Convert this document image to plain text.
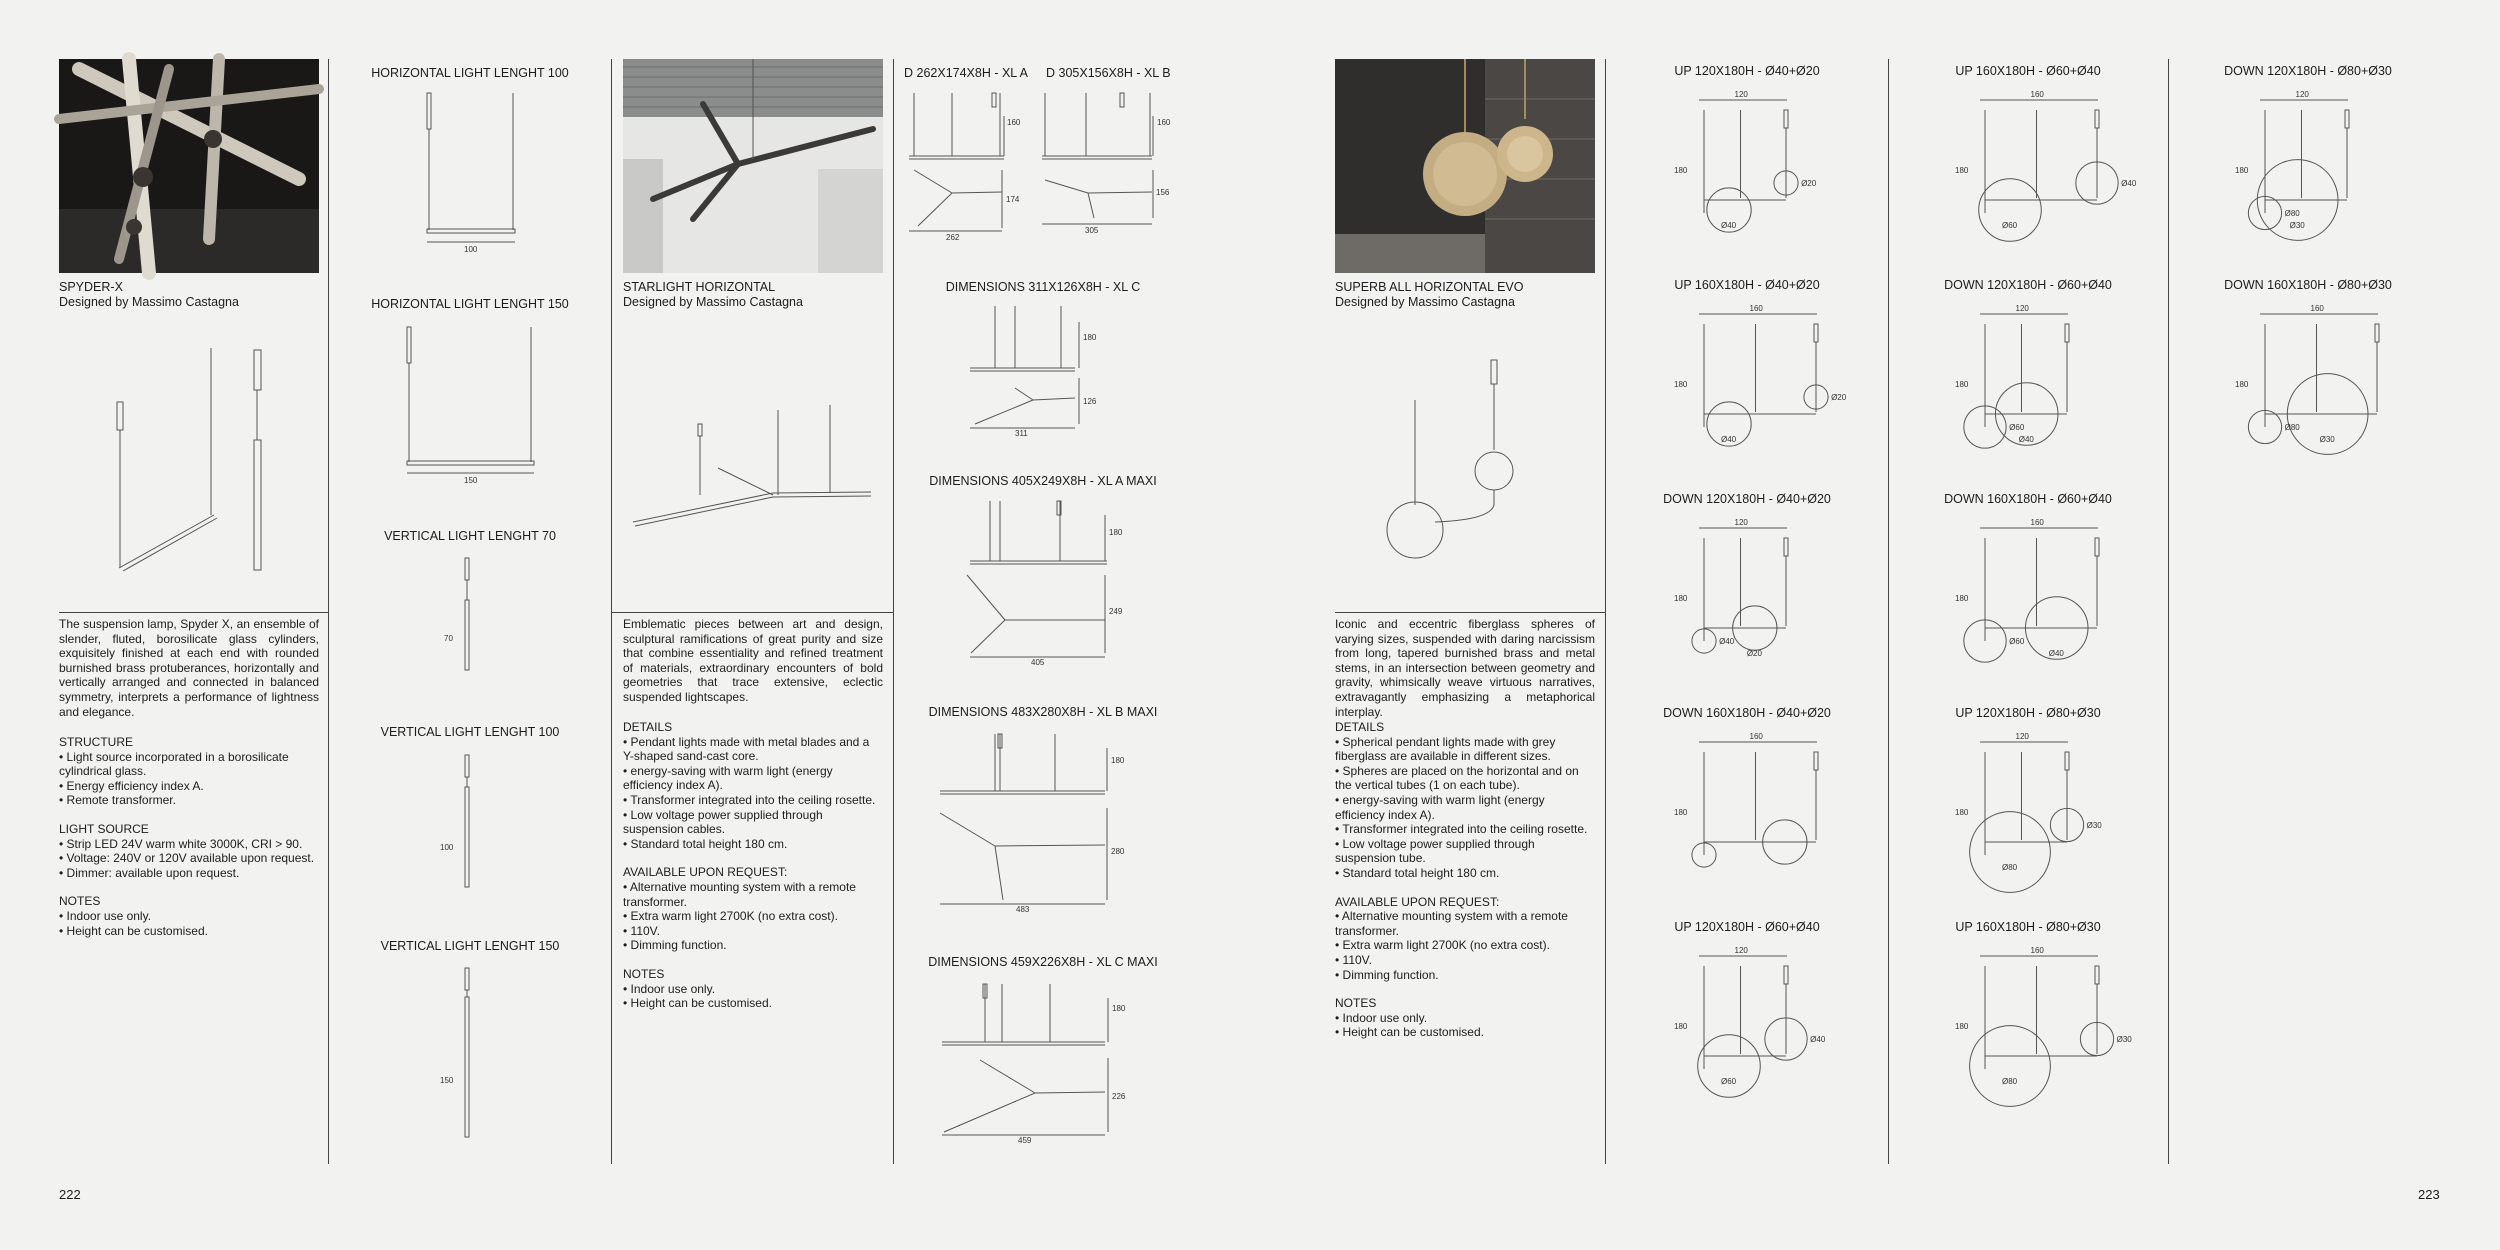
SPYDER-X
Designed by Massimo Castagna
STARLIGHT HORIZONTAL
Designed by Massimo Castagna
SUPERB ALL HORIZONTAL EVO
Designed by Massimo Castagna

The suspension lamp, Spyder X, an ensemble of slender, fluted, borosilicate glass cylinders, exquisitely finished at each end with rounded burnished brass protuberances, horizontally and vertically arranged and connected in balanced symmetry, interprets a performance of lightness and elegance.

STRUCTURE
• Light source incorporated in a borosilicate cylindrical glass.
• Energy efficiency index A.
• Remote transformer.
LIGHT SOURCE
• Strip LED 24V warm white 3000K, CRI > 90.
• Voltage: 240V or 120V available upon request.
• Dimmer: available upon request.
NOTES
• Indoor use only.
• Height can be customised.

Emblematic pieces between art and design, sculptural ramifications of great purity and size that combine essentiality and refined treatment of materials, extraordinary encounters of bold geometries that trace extensive, eclectic suspended lightscapes.

DETAILS
• Pendant lights made with metal blades and a Y-shaped sand-cast core.
• energy-saving with warm light (energy efficiency index A).
• Transformer integrated into the ceiling rosette.
• Low voltage power supplied through suspension cables.
• Standard total height 180 cm.
AVAILABLE UPON REQUEST:
• Alternative mounting system with a remote transformer.
• Extra warm light 2700K (no extra cost).
• 110V.
• Dimming function.
NOTES
• Indoor use only.
• Height can be customised.

Iconic and eccentric fiberglass spheres of varying sizes, suspended with daring narcissism from long, tapered burnished brass and metal stems, in an intersection between geometry and gravity, whimsically weave virtuous narratives, extravagantly emphasizing a metaphorical interplay.

DETAILS
• Spherical pendant lights made with grey fiberglass are available in different sizes.
• Spheres are placed on the horizontal and on the vertical tubes (1 on each tube).
• energy-saving with warm light (energy efficiency index A).
• Transformer integrated into the ceiling rosette.
• Low voltage power supplied through suspension tube.
• Standard total height 180 cm.
AVAILABLE UPON REQUEST:
• Alternative mounting system with a remote transformer.
• Extra warm light 2700K (no extra cost).
• 110V.
• Dimming function.
NOTES
• Indoor use only.
• Height can be customised.
HORIZONTAL LIGHT LENGHT 100
100
HORIZONTAL LIGHT LENGHT 150
150
VERTICAL LIGHT LENGHT 70
70
VERTICAL LIGHT LENGHT 100
100
VERTICAL LIGHT LENGHT 150
150
D 262X174X8H - XL A
160
174
262
D 305X156X8H - XL B
160
156
305
DIMENSIONS 311X126X8H - XL C
180
126
311
DIMENSIONS 405X249X8H - XL A MAXI
180
249
405
DIMENSIONS 483X280X8H - XL B MAXI
180
280
483
DIMENSIONS 459X226X8H - XL C MAXI
180
226
459
UP 120X180H - Ø40+Ø20
120
180
Ø40
Ø20
UP 160X180H - Ø40+Ø20
160
180
Ø40
Ø20
DOWN 120X180H - Ø40+Ø20
120
180
Ø20
Ø40
DOWN 160X180H - Ø40+Ø20
160
180
UP 120X180H - Ø60+Ø40
120
180
Ø60
Ø40
UP 160X180H - Ø60+Ø40
160
180
Ø60
Ø40
DOWN 120X180H - Ø60+Ø40
120
180
Ø40
Ø60
DOWN 160X180H - Ø60+Ø40
160
180
Ø40
Ø60
UP 120X180H - Ø80+Ø30
120
180
Ø80
Ø30
UP 160X180H - Ø80+Ø30
160
180
Ø80
Ø30
DOWN 120X180H - Ø80+Ø30
120
180
Ø30
Ø80
DOWN 160X180H - Ø80+Ø30
160
180
Ø30
Ø80
222	223
